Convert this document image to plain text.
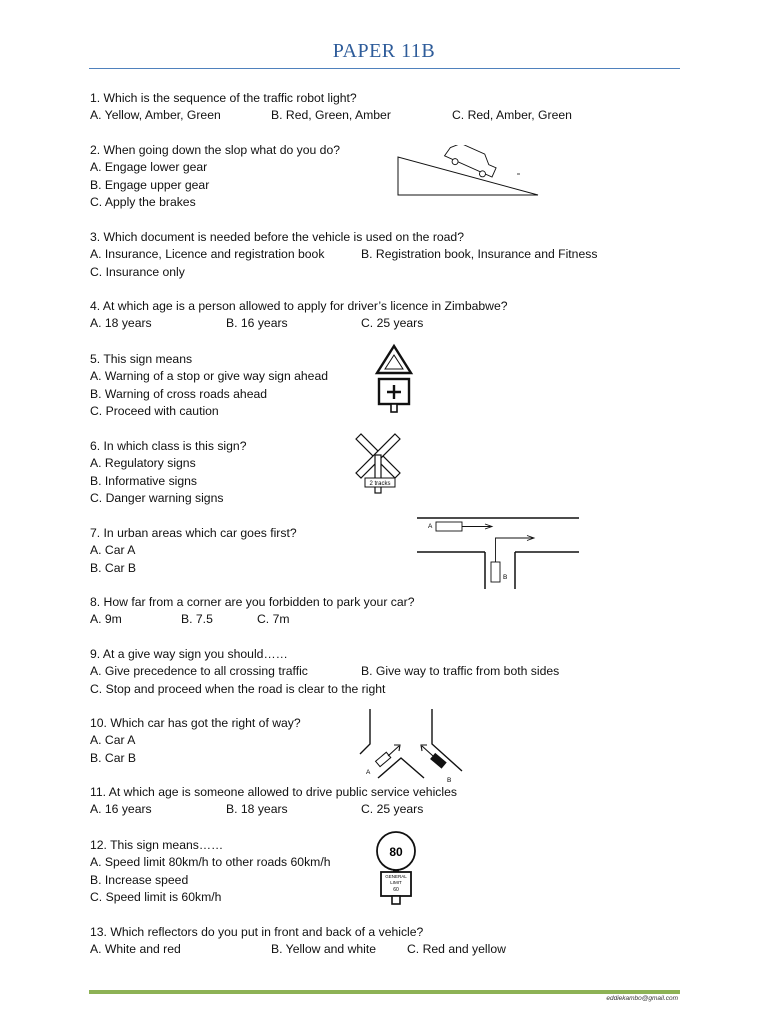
PAPER 11B
1. Which is the sequence of the traffic robot light?
A. Yellow, Amber, Green	B. Red, Green, Amber	C. Red, Amber, Green
2. When going down the slop what do you do?
A. Engage lower gear
B. Engage upper gear
C. Apply the brakes
3. Which document is needed before the vehicle is used on the road?
A. Insurance, Licence and registration book	B. Registration book, Insurance and Fitness
C. Insurance only
4. At which age is a person allowed to apply for driver’s licence in Zimbabwe?
A. 18 years	B. 16 years	C. 25 years
5. This sign means
A. Warning of a stop or give way sign ahead
B. Warning of cross roads ahead
C. Proceed with caution
6. In which class is this sign?
A. Regulatory signs
B. Informative signs
C. Danger warning signs
2 tracks
7. In urban areas which car goes first?
A. Car A
B. Car B
A
B
8. How far from a corner are you forbidden to park your car?
A. 9m	B. 7.5	C. 7m
9. At a give way sign you should……
A. Give precedence to all crossing traffic	B. Give way to traffic from both sides
C. Stop and proceed when the road is clear to the right
10. Which car has got the right of way?
A. Car A
B. Car B
A
B
11. At which age is someone allowed to drive public service vehicles
A. 16 years	B. 18 years	C. 25 years
12. This sign means……
A. Speed limit 80km/h to other roads 60km/h
B. Increase speed
C. Speed limit is 60km/h
80
GENERAL
LIMIT
60
13. Which reflectors do you put in front and back of a vehicle?
A. White and red	B. Yellow and white	C. Red and yellow
eddiekambo@gmail.com
